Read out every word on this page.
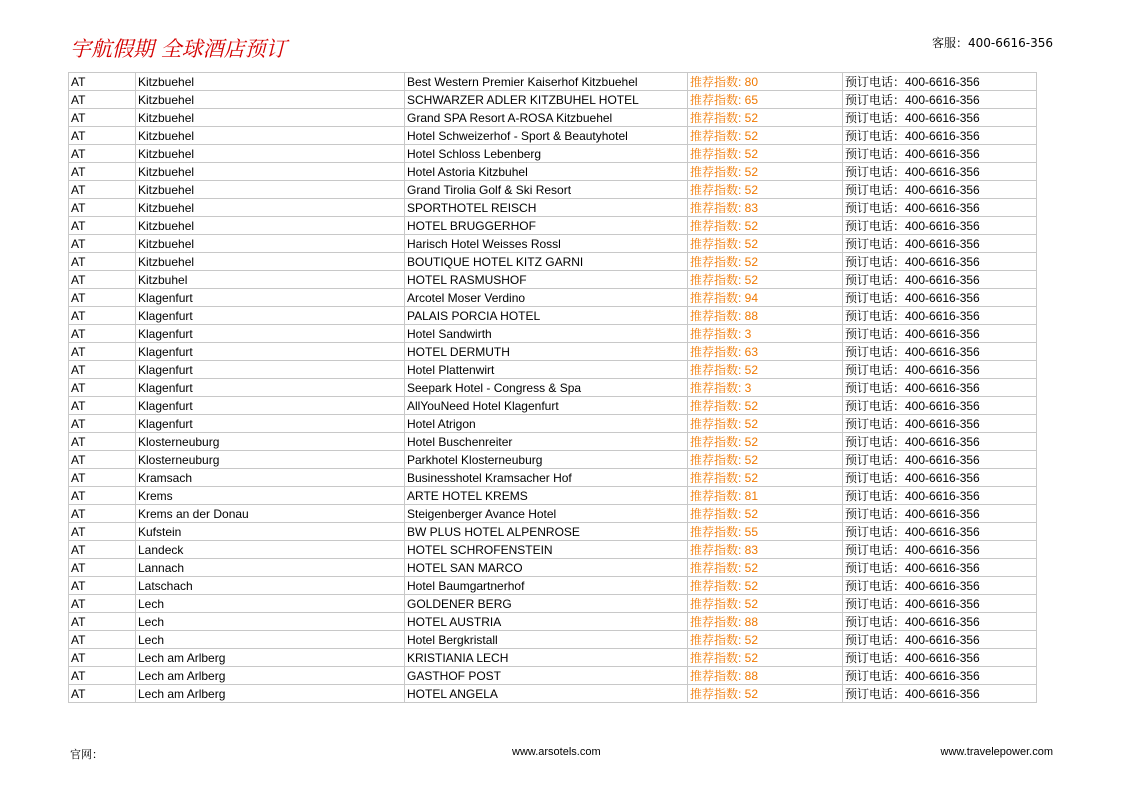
宇航假期 全球酒店预订	客服：400-6616-356
AT	Kitzbuehel	Best Western Premier Kaiserhof Kitzbuehel	推荐指数: 80	预订电话：400-6616-356
AT	Kitzbuehel	SCHWARZER ADLER KITZBUHEL HOTEL	推荐指数: 65	预订电话：400-6616-356
AT	Kitzbuehel	Grand SPA Resort A-ROSA Kitzbuehel	推荐指数: 52	预订电话：400-6616-356
AT	Kitzbuehel	Hotel Schweizerhof - Sport & Beautyhotel	推荐指数: 52	预订电话：400-6616-356
AT	Kitzbuehel	Hotel Schloss Lebenberg	推荐指数: 52	预订电话：400-6616-356
AT	Kitzbuehel	Hotel Astoria Kitzbuhel	推荐指数: 52	预订电话：400-6616-356
AT	Kitzbuehel	Grand Tirolia Golf & Ski Resort	推荐指数: 52	预订电话：400-6616-356
AT	Kitzbuehel	SPORTHOTEL REISCH	推荐指数: 83	预订电话：400-6616-356
AT	Kitzbuehel	HOTEL BRUGGERHOF	推荐指数: 52	预订电话：400-6616-356
AT	Kitzbuehel	Harisch Hotel Weisses Rossl	推荐指数: 52	预订电话：400-6616-356
AT	Kitzbuehel	BOUTIQUE HOTEL KITZ GARNI	推荐指数: 52	预订电话：400-6616-356
AT	Kitzbuhel	HOTEL RASMUSHOF	推荐指数: 52	预订电话：400-6616-356
AT	Klagenfurt	Arcotel Moser Verdino	推荐指数: 94	预订电话：400-6616-356
AT	Klagenfurt	PALAIS PORCIA HOTEL	推荐指数: 88	预订电话：400-6616-356
AT	Klagenfurt	Hotel Sandwirth	推荐指数: 3	预订电话：400-6616-356
AT	Klagenfurt	HOTEL DERMUTH	推荐指数: 63	预订电话：400-6616-356
AT	Klagenfurt	Hotel Plattenwirt	推荐指数: 52	预订电话：400-6616-356
AT	Klagenfurt	Seepark Hotel - Congress & Spa	推荐指数: 3	预订电话：400-6616-356
AT	Klagenfurt	AllYouNeed Hotel Klagenfurt	推荐指数: 52	预订电话：400-6616-356
AT	Klagenfurt	Hotel Atrigon	推荐指数: 52	预订电话：400-6616-356
AT	Klosterneuburg	Hotel Buschenreiter	推荐指数: 52	预订电话：400-6616-356
AT	Klosterneuburg	Parkhotel Klosterneuburg	推荐指数: 52	预订电话：400-6616-356
AT	Kramsach	Businesshotel Kramsacher Hof	推荐指数: 52	预订电话：400-6616-356
AT	Krems	ARTE HOTEL KREMS	推荐指数: 81	预订电话：400-6616-356
AT	Krems an der Donau	Steigenberger Avance Hotel	推荐指数: 52	预订电话：400-6616-356
AT	Kufstein	BW PLUS HOTEL ALPENROSE	推荐指数: 55	预订电话：400-6616-356
AT	Landeck	HOTEL SCHROFENSTEIN	推荐指数: 83	预订电话：400-6616-356
AT	Lannach	HOTEL SAN MARCO	推荐指数: 52	预订电话：400-6616-356
AT	Latschach	Hotel Baumgartnerhof	推荐指数: 52	预订电话：400-6616-356
AT	Lech	GOLDENER BERG	推荐指数: 52	预订电话：400-6616-356
AT	Lech	HOTEL AUSTRIA	推荐指数: 88	预订电话：400-6616-356
AT	Lech	Hotel Bergkristall	推荐指数: 52	预订电话：400-6616-356
AT	Lech am Arlberg	KRISTIANIA LECH	推荐指数: 52	预订电话：400-6616-356
AT	Lech am Arlberg	GASTHOF POST	推荐指数: 88	预订电话：400-6616-356
AT	Lech am Arlberg	HOTEL ANGELA	推荐指数: 52	预订电话：400-6616-356
官网：	www.arsotels.com	www.travelepower.com
